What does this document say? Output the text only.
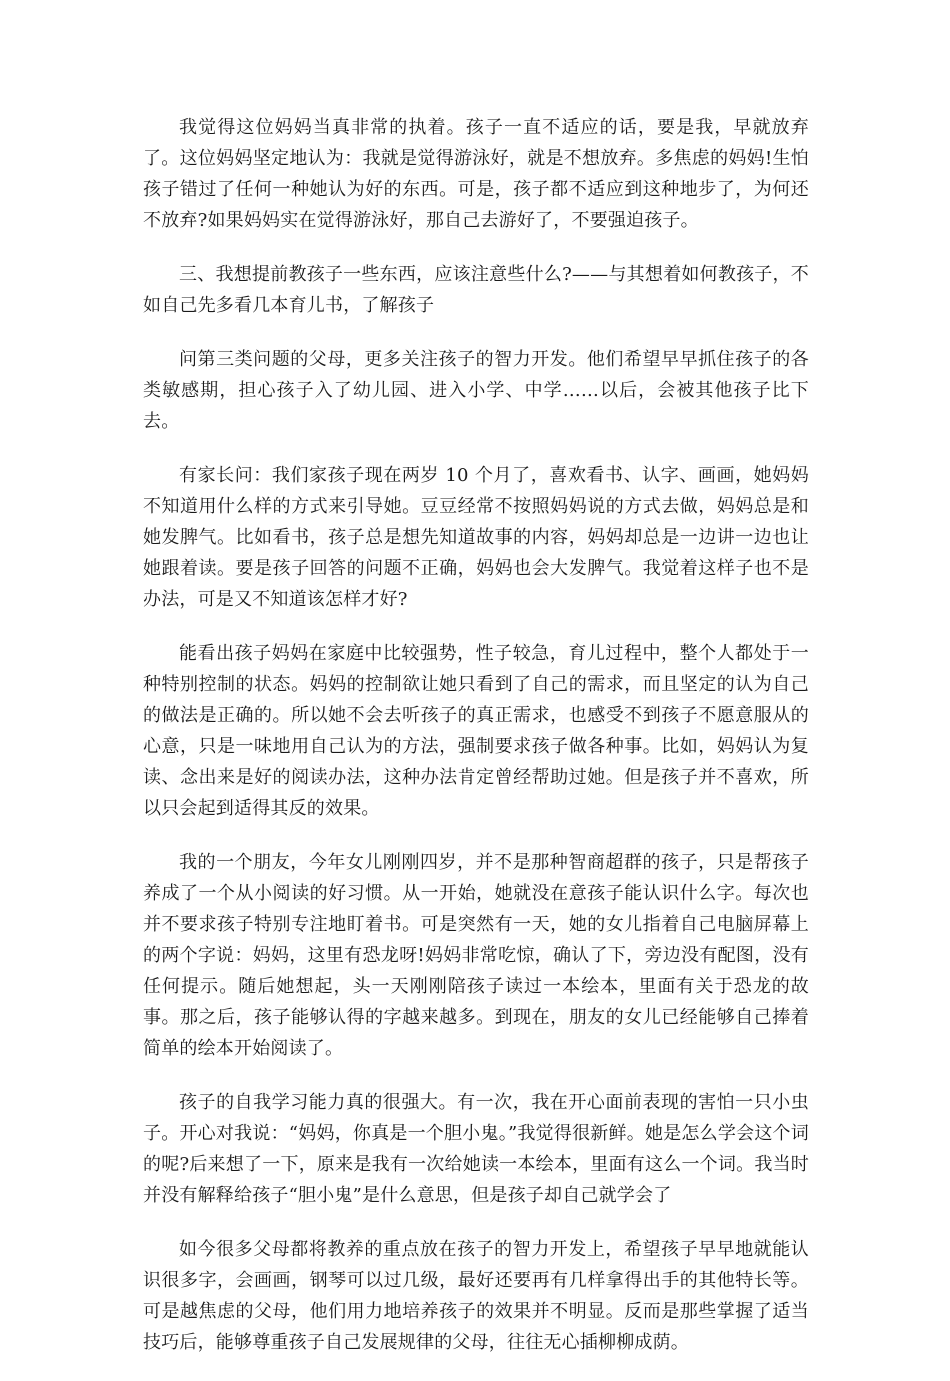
我觉得这位妈妈当真非常的执着。孩子一直不适应的话，要是我，早就放弃了。这位妈妈坚定地认为：我就是觉得游泳好，就是不想放弃。多焦虑的妈妈!生怕孩子错过了任何一种她认为好的东西。可是，孩子都不适应到这种地步了，为何还不放弃?如果妈妈实在觉得游泳好，那自己去游好了，不要强迫孩子。

三、我想提前教孩子一些东西，应该注意些什么?——与其想着如何教孩子，不如自己先多看几本育儿书，了解孩子

问第三类问题的父母，更多关注孩子的智力开发。他们希望早早抓住孩子的各类敏感期，担心孩子入了幼儿园、进入小学、中学……以后，会被其他孩子比下去。

有家长问：我们家孩子现在两岁 10 个月了，喜欢看书、认字、画画，她妈妈不知道用什么样的方式来引导她。豆豆经常不按照妈妈说的方式去做，妈妈总是和她发脾气。比如看书，孩子总是想先知道故事的内容，妈妈却总是一边讲一边也让她跟着读。要是孩子回答的问题不正确，妈妈也会大发脾气。我觉着这样子也不是办法，可是又不知道该怎样才好?

能看出孩子妈妈在家庭中比较强势，性子较急，育儿过程中，整个人都处于一种特别控制的状态。妈妈的控制欲让她只看到了自己的需求，而且坚定的认为自己的做法是正确的。所以她不会去听孩子的真正需求，也感受不到孩子不愿意服从的心意，只是一味地用自己认为的方法，强制要求孩子做各种事。比如，妈妈认为复读、念出来是好的阅读办法，这种办法肯定曾经帮助过她。但是孩子并不喜欢，所以只会起到适得其反的效果。

我的一个朋友，今年女儿刚刚四岁，并不是那种智商超群的孩子，只是帮孩子养成了一个从小阅读的好习惯。从一开始，她就没在意孩子能认识什么字。每次也并不要求孩子特别专注地盯着书。可是突然有一天，她的女儿指着自己电脑屏幕上的两个字说：妈妈，这里有恐龙呀!妈妈非常吃惊，确认了下，旁边没有配图，没有任何提示。随后她想起，头一天刚刚陪孩子读过一本绘本，里面有关于恐龙的故事。那之后，孩子能够认得的字越来越多。到现在，朋友的女儿已经能够自己捧着简单的绘本开始阅读了。

孩子的自我学习能力真的很强大。有一次，我在开心面前表现的害怕一只小虫子。开心对我说：“妈妈，你真是一个胆小鬼。”我觉得很新鲜。她是怎么学会这个词的呢?后来想了一下，原来是我有一次给她读一本绘本，里面有这么一个词。我当时并没有解释给孩子“胆小鬼”是什么意思，但是孩子却自己就学会了

如今很多父母都将教养的重点放在孩子的智力开发上，希望孩子早早地就能认识很多字，会画画，钢琴可以过几级，最好还要再有几样拿得出手的其他特长等。可是越焦虑的父母，他们用力地培养孩子的效果并不明显。反而是那些掌握了适当技巧后，能够尊重孩子自己发展规律的父母，往往无心插柳柳成荫。
